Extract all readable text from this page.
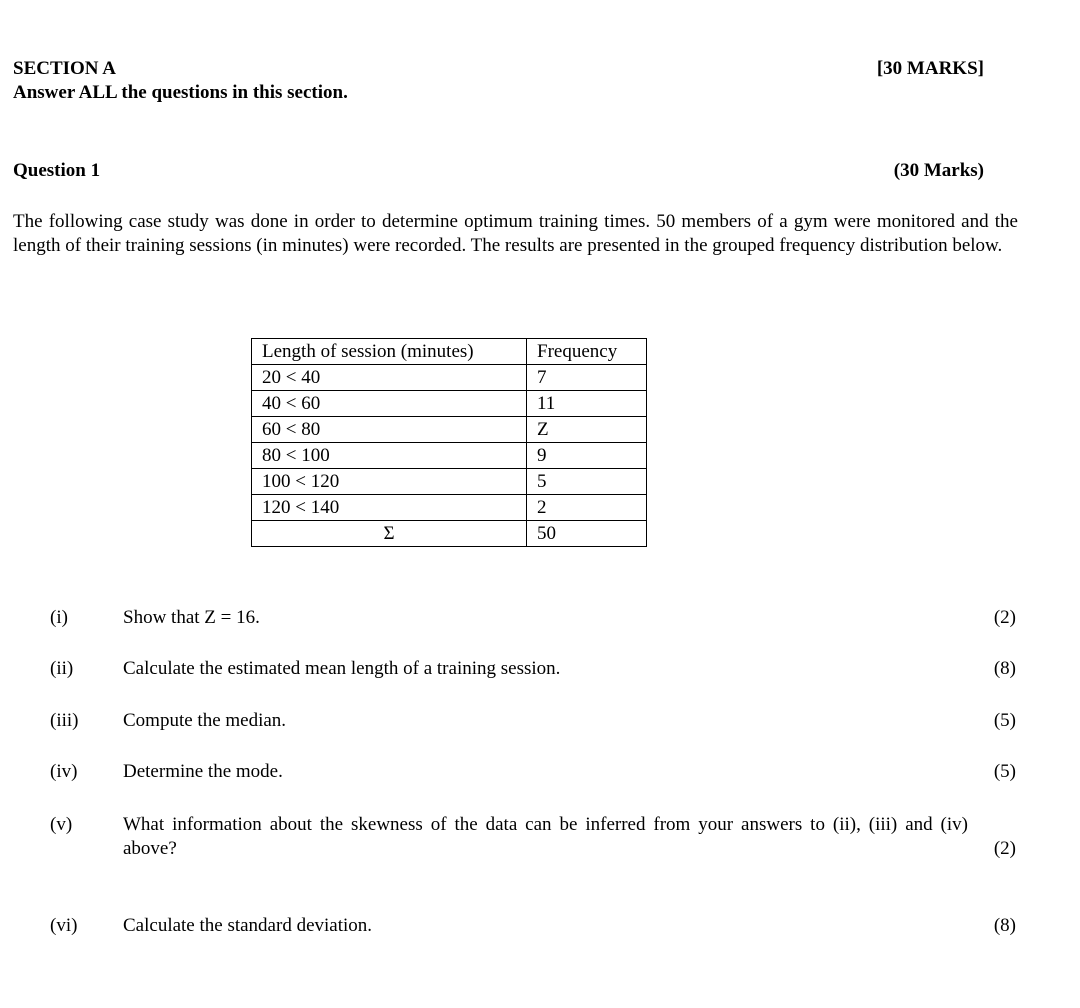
SECTION A	[30 MARKS]
Answer ALL the questions in this section.
Question 1	(30 Marks)

The following case study was done in order to determine optimum training times. 50 members of a gym were monitored and the length of their training sessions (in minutes) were recorded. The results are presented in the grouped frequency distribution below.

Length of session (minutes)	Frequency
20 < 40	7
40 < 60	11
60 < 80	Z
80 < 100	9
100 < 120	5
120 < 140	2
Σ	50
(i)	Show that Z = 16.	(2)
(ii)	Calculate the estimated mean length of a training session.	(8)
(iii) Compute the median.	(5)
(iv) Determine the mode.	(5)
(v)	What information about the skewness of the data can be inferred from your answers to (ii), (iii) and (iv) above?	(2)
(vi) Calculate the standard deviation.	(8)
